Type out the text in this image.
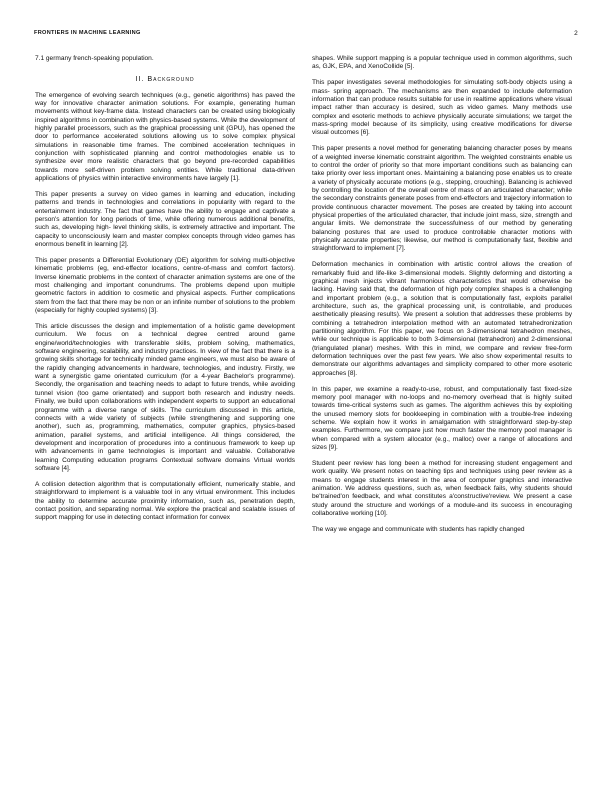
FRONTIERS IN MACHINE LEARNING	2

7.1 germany french-speaking population.

II. Background

The emergence of evolving search techniques (e.g., genetic algorithms) has paved the way for innovative character animation solutions. For example, generating human movements without key-frame data. Instead characters can be created using biologically inspired algorithms in combination with physics-based systems. While the development of highly parallel processors, such as the graphical processing unit (GPU), has opened the door to performance accelerated solutions allowing us to solve complex physical simulations in reasonable time frames. The combined acceleration techniques in conjunction with sophisticated planning and control methodologies enable us to synthesize ever more realistic characters that go beyond pre-recorded capabilities towards more self-driven problem solving entities. While traditional data-driven applications of physics within interactive environments have largely [1].

This paper presents a survey on video games in learning and education, including patterns and trends in technologies and correlations in popularity with regard to the entertainment industry. The fact that games have the ability to engage and captivate a person's attention for long periods of time, while offering numerous additional benefits, such as, developing high- level thinking skills, is extremely attractive and important. The capacity to unconsciously learn and master complex concepts through video games has enormous benefit in learning [2].

This paper presents a Differential Evolutionary (DE) algorithm for solving multi-objective kinematic problems (eg, end-effector locations, centre-of-mass and comfort factors). Inverse kinematic problems in the context of character animation systems are one of the most challenging and important conundrums. The problems depend upon multiple geometric factors in addition to cosmetic and physical aspects. Further complications stem from the fact that there may be non or an infinite number of solutions to the problem (especially for highly coupled systems) [3].

This article discusses the design and implementation of a holistic game development curriculum. We focus on a technical degree centred around game engine/world/technologies with transferable skills, problem solving, mathematics, software engineering, scalability, and industry practices. In view of the fact that there is a growing skills shortage for technically minded game engineers, we must also be aware of the rapidly changing advancements in hardware, technologies, and industry. Firstly, we want a synergistic game orientated curriculum (for a 4-year Bachelor's programme). Secondly, the organisation and teaching needs to adapt to future trends, while avoiding tunnel vision (too game orientated) and support both research and industry needs. Finally, we build upon collaborations with independent experts to support an educational programme with a diverse range of skills. The curriculum discussed in this article, connects with a wide variety of subjects (while strengthening and supporting one another), such as, programming, mathematics, computer graphics, physics-based animation, parallel systems, and artificial intelligence. All things considered, the development and incorporation of procedures into a continuous framework to keep up with advancements in game technologies is important and valuable. Collaborative learning Computing education programs Contextual software domains Virtual worlds software [4].

A collision detection algorithm that is computationally efficient, numerically stable, and straightforward to implement is a valuable tool in any virtual environment. This includes the ability to determine accurate proximity information, such as, penetration depth, contact position, and separating normal. We explore the practical and scalable issues of support mapping for use in detecting contact information for convex

shapes. While support mapping is a popular technique used in common algorithms, such as, GJK, EPA, and XenoCollide [5].

This paper investigates several methodologies for simulating soft-body objects using a mass- spring approach. The mechanisms are then expanded to include deformation information that can produce results suitable for use in realtime applications where visual impact rather than accuracy is desired, such as video games. Many methods use complex and esoteric methods to achieve physically accurate simulations; we target the mass-spring model because of its simplicity, using creative modifications for diverse visual outcomes [6].

This paper presents a novel method for generating balancing character poses by means of a weighted inverse kinematic constraint algorithm. The weighted constraints enable us to control the order of priority so that more important conditions such as balancing can take priority over less important ones. Maintaining a balancing pose enables us to create a variety of physically accurate motions (e.g., stepping, crouching). Balancing is achieved by controlling the location of the overall centre of mass of an articulated character; while the secondary constraints generate poses from end-effectors and trajectory information to provide continuous character movement. The poses are created by taking into account physical properties of the articulated character, that include joint mass, size, strength and angular limits. We demonstrate the successfulness of our method by generating balancing postures that are used to produce controllable character motions with physically accurate properties; likewise, our method is computationally fast, flexible and straightforward to implement [7].

Deformation mechanics in combination with artistic control allows the creation of remarkably fluid and life-like 3-dimensional models. Slightly deforming and distorting a graphical mesh injects vibrant harmonious characteristics that would otherwise be lacking. Having said that, the deformation of high poly complex shapes is a challenging and important problem (e.g., a solution that is computationally fast, exploits parallel architecture, such as, the graphical processing unit, is controllable, and produces aesthetically pleasing results). We present a solution that addresses these problems by combining a tetrahedron interpolation method with an automated tetrahedronization partitioning algorithm. For this paper, we focus on 3-dimensional tetrahedron meshes, while our technique is applicable to both 3-dimensional (tetrahedron) and 2-dimensional (triangulated planar) meshes. With this in mind, we compare and review free-form deformation techniques over the past few years. We also show experimental results to demonstrate our algorithms advantages and simplicity compared to other more esoteric approaches [8].

In this paper, we examine a ready-to-use, robust, and computationally fast fixed-size memory pool manager with no-loops and no-memory overhead that is highly suited towards time-critical systems such as games. The algorithm achieves this by exploiting the unused memory slots for bookkeeping in combination with a trouble-free indexing scheme. We explain how it works in amalgamation with straightforward step-by-step examples. Furthermore, we compare just how much faster the memory pool manager is when compared with a system allocator (e.g., malloc) over a range of allocations and sizes [9].

Student peer review has long been a method for increasing student engagement and work quality. We present notes on teaching tips and techniques using peer review as a means to engage students interest in the area of computer graphics and interactive animation. We address questions, such as, when feedback fails, why students should be'trained'on feedback, and what constitutes a'constructive'review. We present a case study around the structure and workings of a module-and its success in encouraging collaborative working [10].

The way we engage and communicate with students has rapidly changed
